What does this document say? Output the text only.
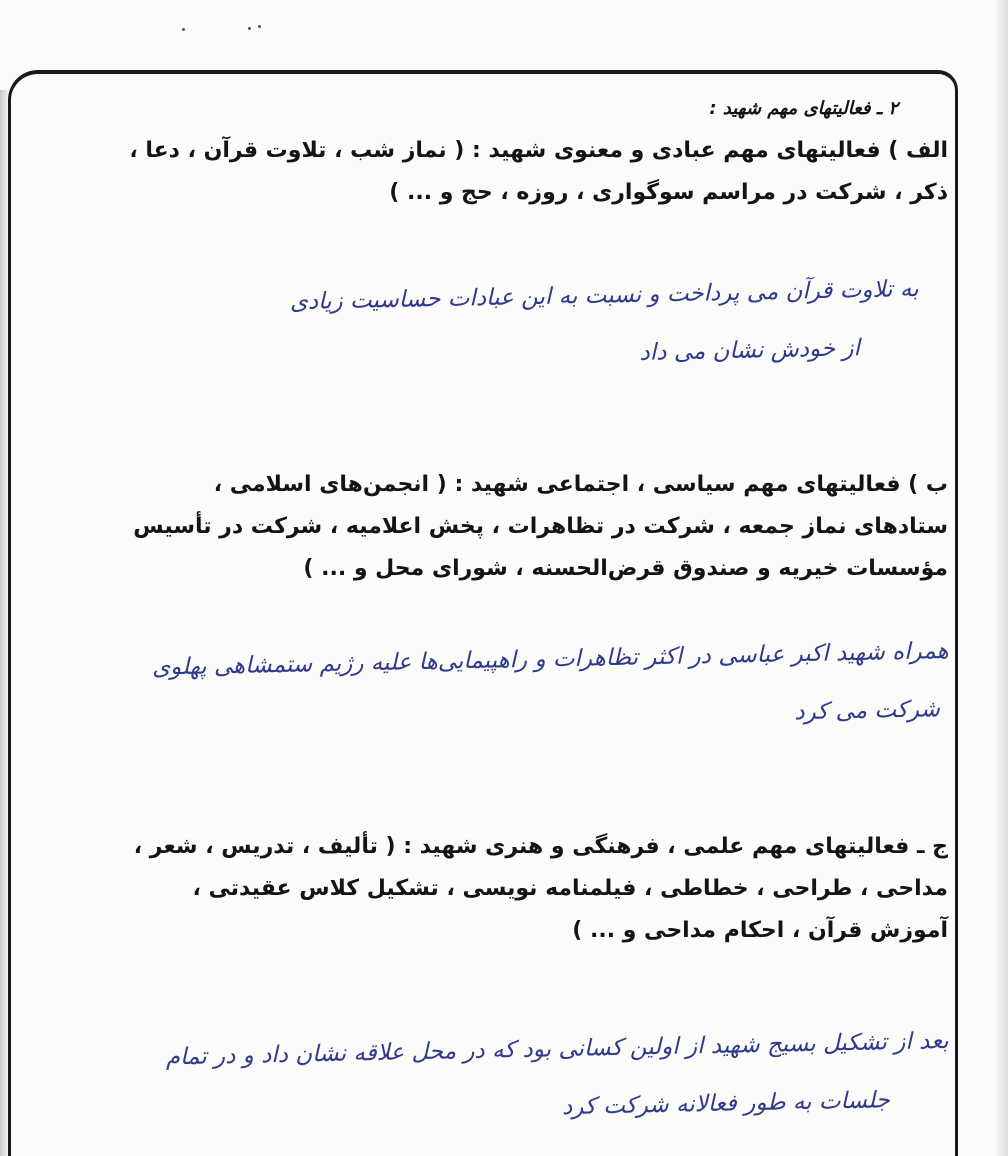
۲ ـ فعالیتهای مهم شهید :
الف ) فعالیتهای مهم عبادی و معنوی شهید : ( نماز شب ، تلاوت قرآن ، دعا ،
ذکر ، شرکت در مراسم سوگواری ، روزه ، حج و ... )
به تلاوت قرآن می پرداخت و نسبت به این عبادات حساسیت زیادی
از خودش نشان می داد
ب ) فعالیتهای مهم سیاسی ، اجتماعی شهید : ( انجمن‌های اسلامی ،
ستادهای نماز جمعه ، شرکت در تظاهرات ، پخش اعلامیه ، شرکت در تأسیس
مؤسسات خیریه و صندوق قرض‌الحسنه ، شورای محل و ... )
همراه شهید اکبر عباسی در اکثر تظاهرات و راهپیمایی‌ها علیه رژیم ستمشاهی پهلوی
شرکت می کرد
ج ـ فعالیتهای مهم علمی ، فرهنگی و هنری شهید : ( تألیف ، تدریس ، شعر ،
مداحی ، طراحی ، خطاطی ، فیلمنامه نویسی ، تشکیل کلاس عقیدتی ،
آموزش قرآن ، احکام مداحی و ... )
بعد از تشکیل بسیج شهید از اولین کسانی بود که در محل علاقه نشان داد و در تمام
جلسات به طور فعالانه شرکت کرد
